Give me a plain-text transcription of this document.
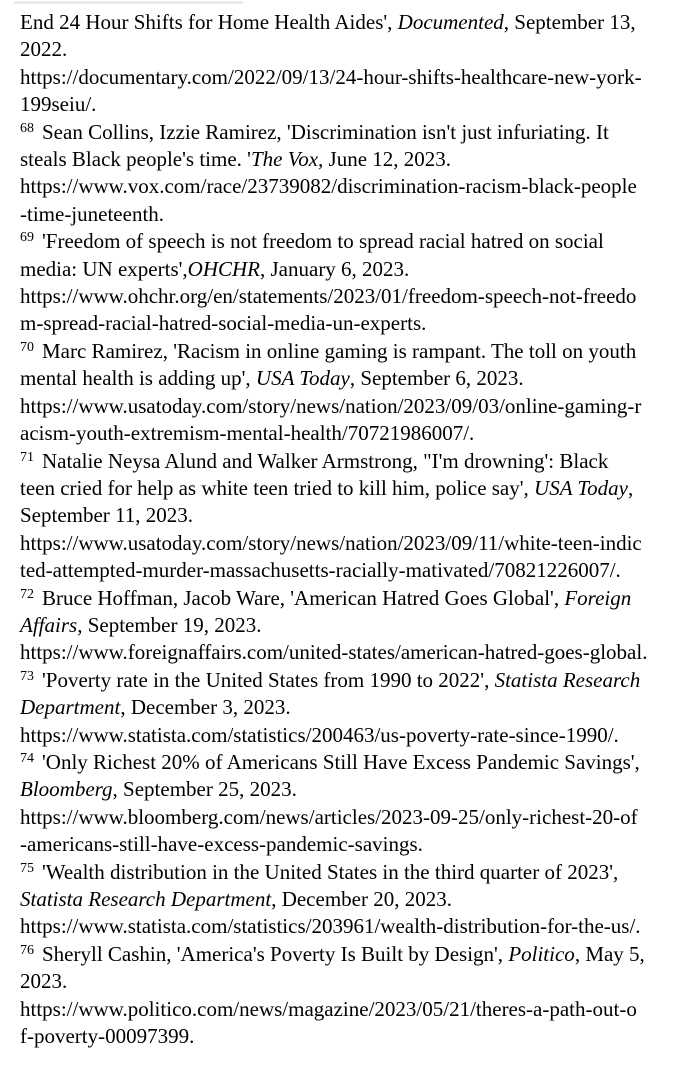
End 24 Hour Shifts for Home Health Aides', Documented, September 13,
2022.
https://documentary.com/2022/09/13/24-hour-shifts-healthcare-new-york-
199seiu/.
68 Sean Collins, Izzie Ramirez, 'Discrimination isn't just infuriating. It
steals Black people's time. 'The Vox, June 12, 2023.
https://www.vox.com/race/23739082/discrimination-racism-black-people
-time-juneteenth.
69 'Freedom of speech is not freedom to spread racial hatred on social
media: UN experts',OHCHR, January 6, 2023.
https://www.ohchr.org/en/statements/2023/01/freedom-speech-not-freedo
m-spread-racial-hatred-social-media-un-experts.
70 Marc Ramirez, 'Racism in online gaming is rampant. The toll on youth
mental health is adding up', USA Today, September 6, 2023.
https://www.usatoday.com/story/news/nation/2023/09/03/online-gaming-r
acism-youth-extremism-mental-health/70721986007/.
71 Natalie Neysa Alund and Walker Armstrong, "I'm drowning': Black
teen cried for help as white teen tried to kill him, police say', USA Today,
September 11, 2023.
https://www.usatoday.com/story/news/nation/2023/09/11/white-teen-indic
ted-attempted-murder-massachusetts-racially-mativated/70821226007/.
72 Bruce Hoffman, Jacob Ware, 'American Hatred Goes Global', Foreign
Affairs, September 19, 2023.
https://www.foreignaffairs.com/united-states/american-hatred-goes-global.
73 'Poverty rate in the United States from 1990 to 2022', Statista Research
Department, December 3, 2023.
https://www.statista.com/statistics/200463/us-poverty-rate-since-1990/.
74 'Only Richest 20% of Americans Still Have Excess Pandemic Savings',
Bloomberg, September 25, 2023.
https://www.bloomberg.com/news/articles/2023-09-25/only-richest-20-of
-americans-still-have-excess-pandemic-savings.
75 'Wealth distribution in the United States in the third quarter of 2023',
Statista Research Department, December 20, 2023.
https://www.statista.com/statistics/203961/wealth-distribution-for-the-us/.
76 Sheryll Cashin, 'America's Poverty Is Built by Design', Politico, May 5,
2023.
https://www.politico.com/news/magazine/2023/05/21/theres-a-path-out-o
f-poverty-00097399.
